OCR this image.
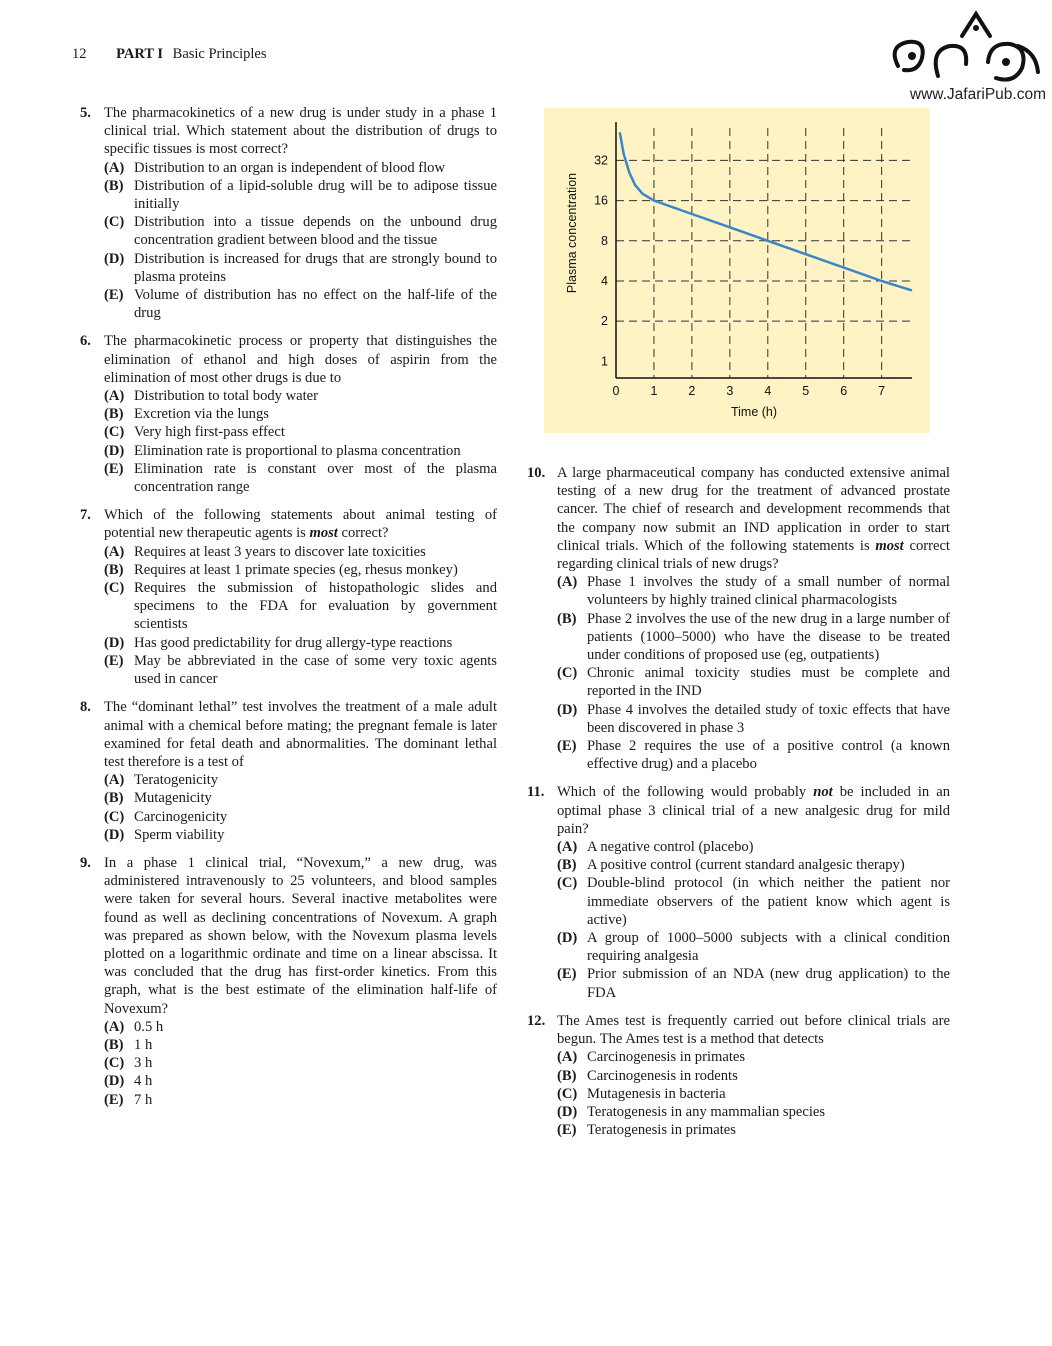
12 PART I Basic Principles
www.JafariPub.com
5. The pharmacokinetics of a new drug is under study in a phase 1 clinical trial. Which statement about the distribution of drugs to specific tissues is most correct?
(A) Distribution to an organ is independent of blood flow
(B) Distribution of a lipid-soluble drug will be to adipose tissue initially
(C) Distribution into a tissue depends on the unbound drug concentration gradient between blood and the tissue
(D) Distribution is increased for drugs that are strongly bound to plasma proteins
(E) Volume of distribution has no effect on the half-life of the drug
6. The pharmacokinetic process or property that distinguishes the elimination of ethanol and high doses of aspirin from the elimination of most other drugs is due to
(A) Distribution to total body water
(B) Excretion via the lungs
(C) Very high first-pass effect
(D) Elimination rate is proportional to plasma concentration
(E) Elimination rate is constant over most of the plasma concentration range
7. Which of the following statements about animal testing of potential new therapeutic agents is most correct?
(A) Requires at least 3 years to discover late toxicities
(B) Requires at least 1 primate species (eg, rhesus monkey)
(C) Requires the submission of histopathologic slides and specimens to the FDA for evaluation by government scientists
(D) Has good predictability for drug allergy-type reactions
(E) May be abbreviated in the case of some very toxic agents used in cancer
8. The “dominant lethal” test involves the treatment of a male adult animal with a chemical before mating; the pregnant female is later examined for fetal death and abnormalities. The dominant lethal test therefore is a test of
(A) Teratogenicity
(B) Mutagenicity
(C) Carcinogenicity
(D) Sperm viability
9. In a phase 1 clinical trial, “Novexum,” a new drug, was administered intravenously to 25 volunteers, and blood samples were taken for several hours. Several inactive metabolites were found as well as declining concentrations of Novexum. A graph was prepared as shown below, with the Novexum plasma levels plotted on a logarithmic ordinate and time on a linear abscissa. It was concluded that the drug has first-order kinetics. From this graph, what is the best estimate of the elimination half-life of Novexum?
(A) 0.5 h
(B) 1 h
(C) 3 h
(D) 4 h
(E) 7 h
10. A large pharmaceutical company has conducted extensive animal testing of a new drug for the treatment of advanced prostate cancer. The chief of research and development recommends that the company now submit an IND application in order to start clinical trials. Which of the following statements is most correct regarding clinical trials of new drugs?
(A) Phase 1 involves the study of a small number of normal volunteers by highly trained clinical pharmacologists
(B) Phase 2 involves the use of the new drug in a large number of patients (1000–5000) who have the disease to be treated under conditions of proposed use (eg, outpatients)
(C) Chronic animal toxicity studies must be complete and reported in the IND
(D) Phase 4 involves the detailed study of toxic effects that have been discovered in phase 3
(E) Phase 2 requires the use of a positive control (a known effective drug) and a placebo
11. Which of the following would probably not be included in an optimal phase 3 clinical trial of a new analgesic drug for mild pain?
(A) A negative control (placebo)
(B) A positive control (current standard analgesic therapy)
(C) Double-blind protocol (in which neither the patient nor immediate observers of the patient know which agent is active)
(D) A group of 1000–5000 subjects with a clinical condition requiring analgesia
(E) Prior submission of an NDA (new drug application) to the FDA
12. The Ames test is frequently carried out before clinical trials are begun. The Ames test is a method that detects
(A) Carcinogenesis in primates
(B) Carcinogenesis in rodents
(C) Mutagenesis in bacteria
(D) Teratogenesis in any mammalian species
(E) Teratogenesis in primates
0 1 2 3 4 5 6 7
1
2
4
8
16
32
Time (h)
Plasma concentration
